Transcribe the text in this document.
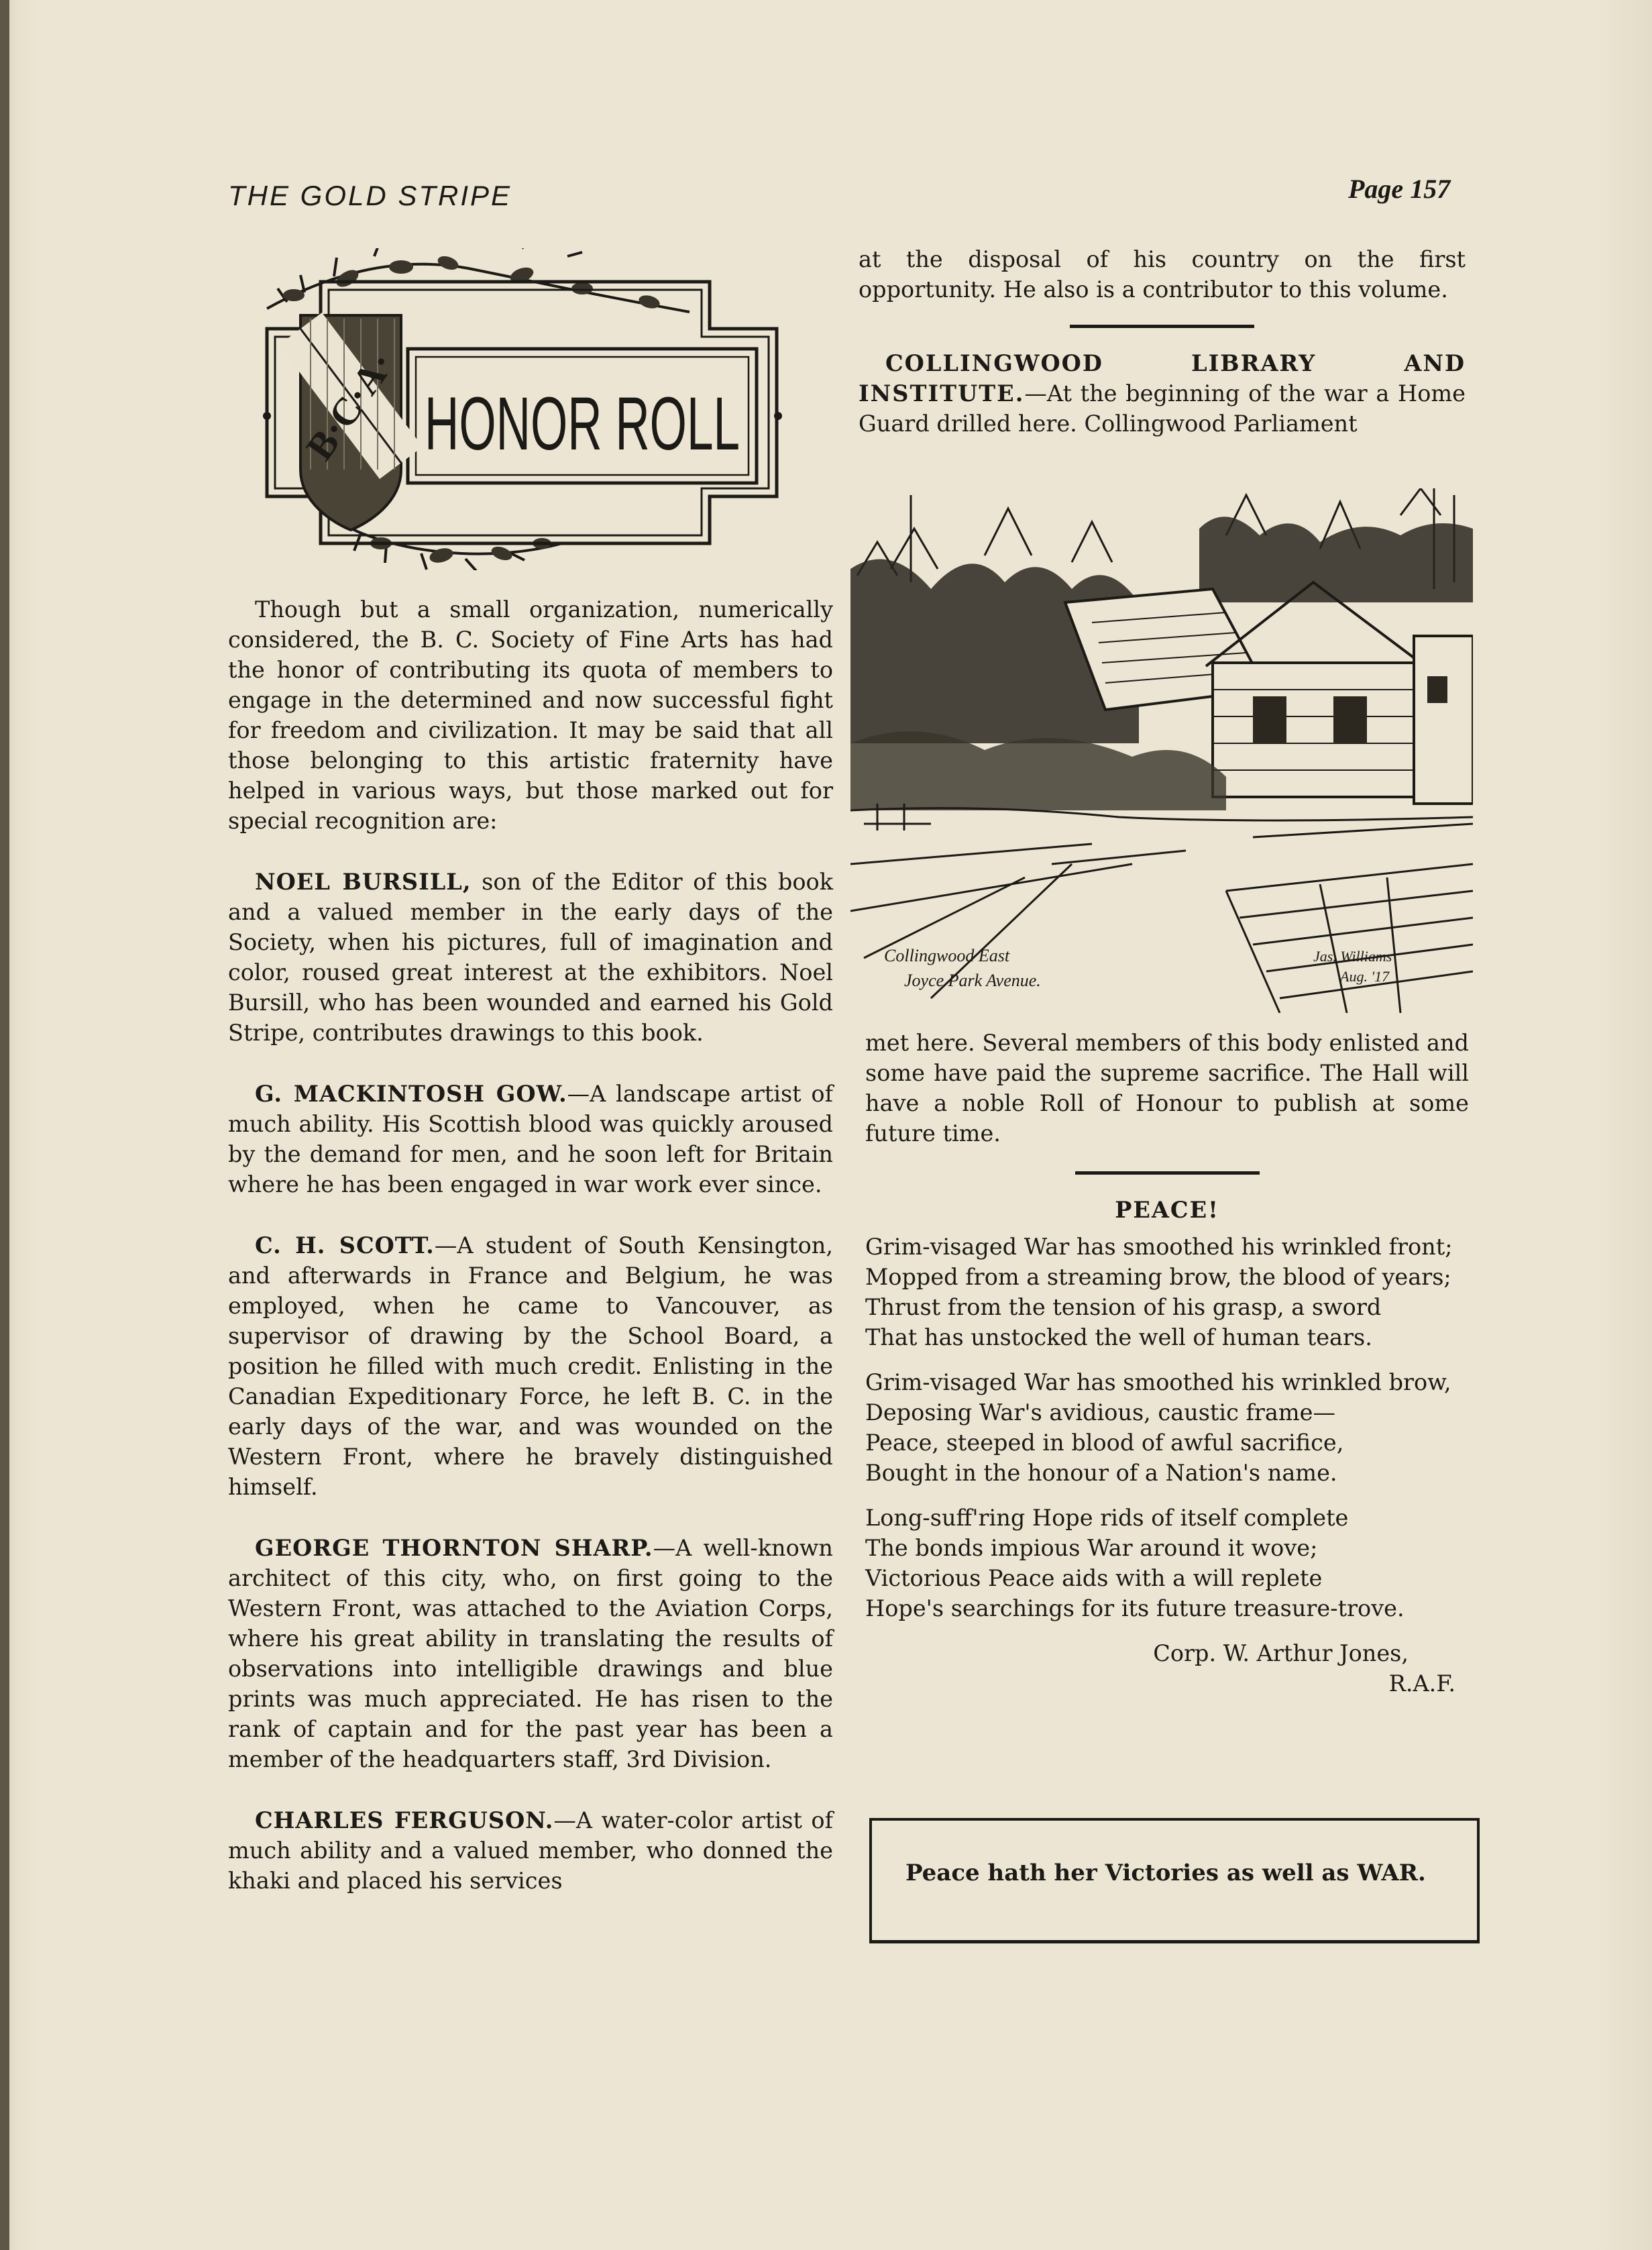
THE GOLD STRIPE	Page 157
B·C·A· HONOR ROLL

Though but a small organization, numerically considered, the B. C. Society of Fine Arts has had the honor of contributing its quota of members to engage in the determined and now successful fight for freedom and civilization. It may be said that all those belonging to this artistic fraternity have helped in various ways, but those marked out for special recognition are:

NOEL BURSILL, son of the Editor of this book and a valued member in the early days of the Society, when his pictures, full of imagination and color, roused great interest at the exhibitors. Noel Bursill, who has been wounded and earned his Gold Stripe, contributes drawings to this book.

G. MACKINTOSH GOW.—A landscape artist of much ability. His Scottish blood was quickly aroused by the demand for men, and he soon left for Britain where he has been engaged in war work ever since.

C. H. SCOTT.—A student of South Kensington, and afterwards in France and Belgium, he was employed, when he came to Vancouver, as supervisor of drawing by the School Board, a position he filled with much credit. Enlisting in the Canadian Expeditionary Force, he left B. C. in the early days of the war, and was wounded on the Western Front, where he bravely distinguished himself.

GEORGE THORNTON SHARP.—A well-known architect of this city, who, on first going to the Western Front, was attached to the Aviation Corps, where his great ability in translating the results of observations into intelligible drawings and blue prints was much appreciated. He has risen to the rank of captain and for the past year has been a member of the headquarters staff, 3rd Division.

CHARLES FERGUSON.—A water-color artist of much ability and a valued member, who donned the khaki and placed his services

at the disposal of his country on the first opportunity. He also is a contributor to this volume.
COLLINGWOOD LIBRARY AND INSTITUTE.—At the beginning of the war a Home Guard drilled here. Collingwood Parliament
Collingwood East
Joyce Park Avenue.
Jas. Williams
Aug. '17
met here. Several members of this body enlisted and some have paid the supreme sacrifice. The Hall will have a noble Roll of Honour to publish at some future time.
PEACE!
Grim-visaged War has smoothed his wrinkled front;
Mopped from a streaming brow, the blood of years;
Thrust from the tension of his grasp, a sword
That has unstocked the well of human tears.
Grim-visaged War has smoothed his wrinkled brow,
Deposing War's avidious, caustic frame—
Peace, steeped in blood of awful sacrifice,
Bought in the honour of a Nation's name.
Long-suff'ring Hope rids of itself complete
The bonds impious War around it wove;
Victorious Peace aids with a will replete
Hope's searchings for its future treasure-trove.
Corp. W. Arthur Jones,
R.A.F.

Peace hath her Victories as well as WAR.
